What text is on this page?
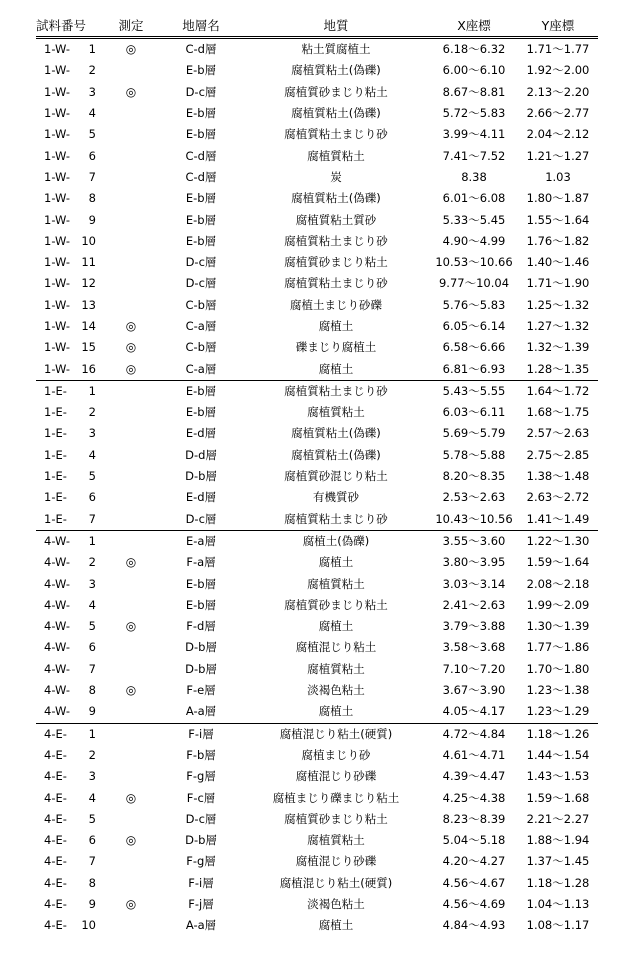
試料番号	測定	地層名	地質	X座標	Y座標

1-W- 1	◎	C-d層	粘土質腐植土	6.18～6.32	1.71～1.77

1-W- 2		E-b層	腐植質粘土(偽礫)	6.00～6.10	1.92～2.00

1-W- 3	◎	D-c層	腐植質砂まじり粘土	8.67～8.81	2.13～2.20

1-W- 4		E-b層	腐植質粘土(偽礫)	5.72～5.83	2.66～2.77

1-W- 5		E-b層	腐植質粘土まじり砂	3.99～4.11	2.04～2.12

1-W- 6		C-d層	腐植質粘土	7.41～7.52	1.21～1.27

1-W- 7		C-d層	炭	8.38	1.03

1-W- 8		E-b層	腐植質粘土(偽礫)	6.01～6.08	1.80～1.87

1-W- 9		E-b層	腐植質粘土質砂	5.33～5.45	1.55～1.64

1-W- 10		E-b層	腐植質粘土まじり砂	4.90～4.99	1.76～1.82

1-W- 11		D-c層	腐植質砂まじり粘土	10.53～10.66	1.40～1.46

1-W- 12		D-c層	腐植質粘土まじり砂	9.77～10.04	1.71～1.90

1-W- 13		C-b層	腐植土まじり砂礫	5.76～5.83	1.25～1.32

1-W- 14	◎	C-a層	腐植土	6.05～6.14	1.27～1.32

1-W- 15	◎	C-b層	礫まじり腐植土	6.58～6.66	1.32～1.39

1-W- 16	◎	C-a層	腐植土	6.81～6.93	1.28～1.35

1-E- 1		E-b層	腐植質粘土まじり砂	5.43～5.55	1.64～1.72

1-E- 2		E-b層	腐植質粘土	6.03～6.11	1.68～1.75

1-E- 3		E-d層	腐植質粘土(偽礫)	5.69～5.79	2.57～2.63

1-E- 4		D-d層	腐植質粘土(偽礫)	5.78～5.88	2.75～2.85

1-E- 5		D-b層	腐植質砂混じり粘土	8.20～8.35	1.38～1.48

1-E- 6		E-d層	有機質砂	2.53～2.63	2.63～2.72

1-E- 7		D-c層	腐植質粘土まじり砂	10.43～10.56	1.41～1.49

4-W- 1		E-a層	腐植土(偽礫)	3.55～3.60	1.22～1.30

4-W- 2	◎	F-a層	腐植土	3.80～3.95	1.59～1.64

4-W- 3		E-b層	腐植質粘土	3.03～3.14	2.08～2.18

4-W- 4		E-b層	腐植質砂まじり粘土	2.41～2.63	1.99～2.09

4-W- 5	◎	F-d層	腐植土	3.79～3.88	1.30～1.39

4-W- 6		D-b層	腐植混じり粘土	3.58～3.68	1.77～1.86

4-W- 7		D-b層	腐植質粘土	7.10～7.20	1.70～1.80

4-W- 8	◎	F-e層	淡褐色粘土	3.67～3.90	1.23～1.38

4-W- 9		A-a層	腐植土	4.05～4.17	1.23～1.29

4-E- 1		F-i層	腐植混じり粘土(硬質)	4.72～4.84	1.18～1.26

4-E- 2		F-b層	腐植まじり砂	4.61～4.71	1.44～1.54

4-E- 3		F-g層	腐植混じり砂礫	4.39～4.47	1.43～1.53

4-E- 4	◎	F-c層	腐植まじり礫まじり粘土	4.25～4.38	1.59～1.68

4-E- 5		D-c層	腐植質砂まじり粘土	8.23～8.39	2.21～2.27

4-E- 6	◎	D-b層	腐植質粘土	5.04～5.18	1.88～1.94

4-E- 7		F-g層	腐植混じり砂礫	4.20～4.27	1.37～1.45

4-E- 8		F-i層	腐植混じり粘土(硬質)	4.56～4.67	1.18～1.28

4-E- 9	◎	F-j層	淡褐色粘土	4.56～4.69	1.04～1.13

4-E- 10		A-a層	腐植土	4.84～4.93	1.08～1.17
